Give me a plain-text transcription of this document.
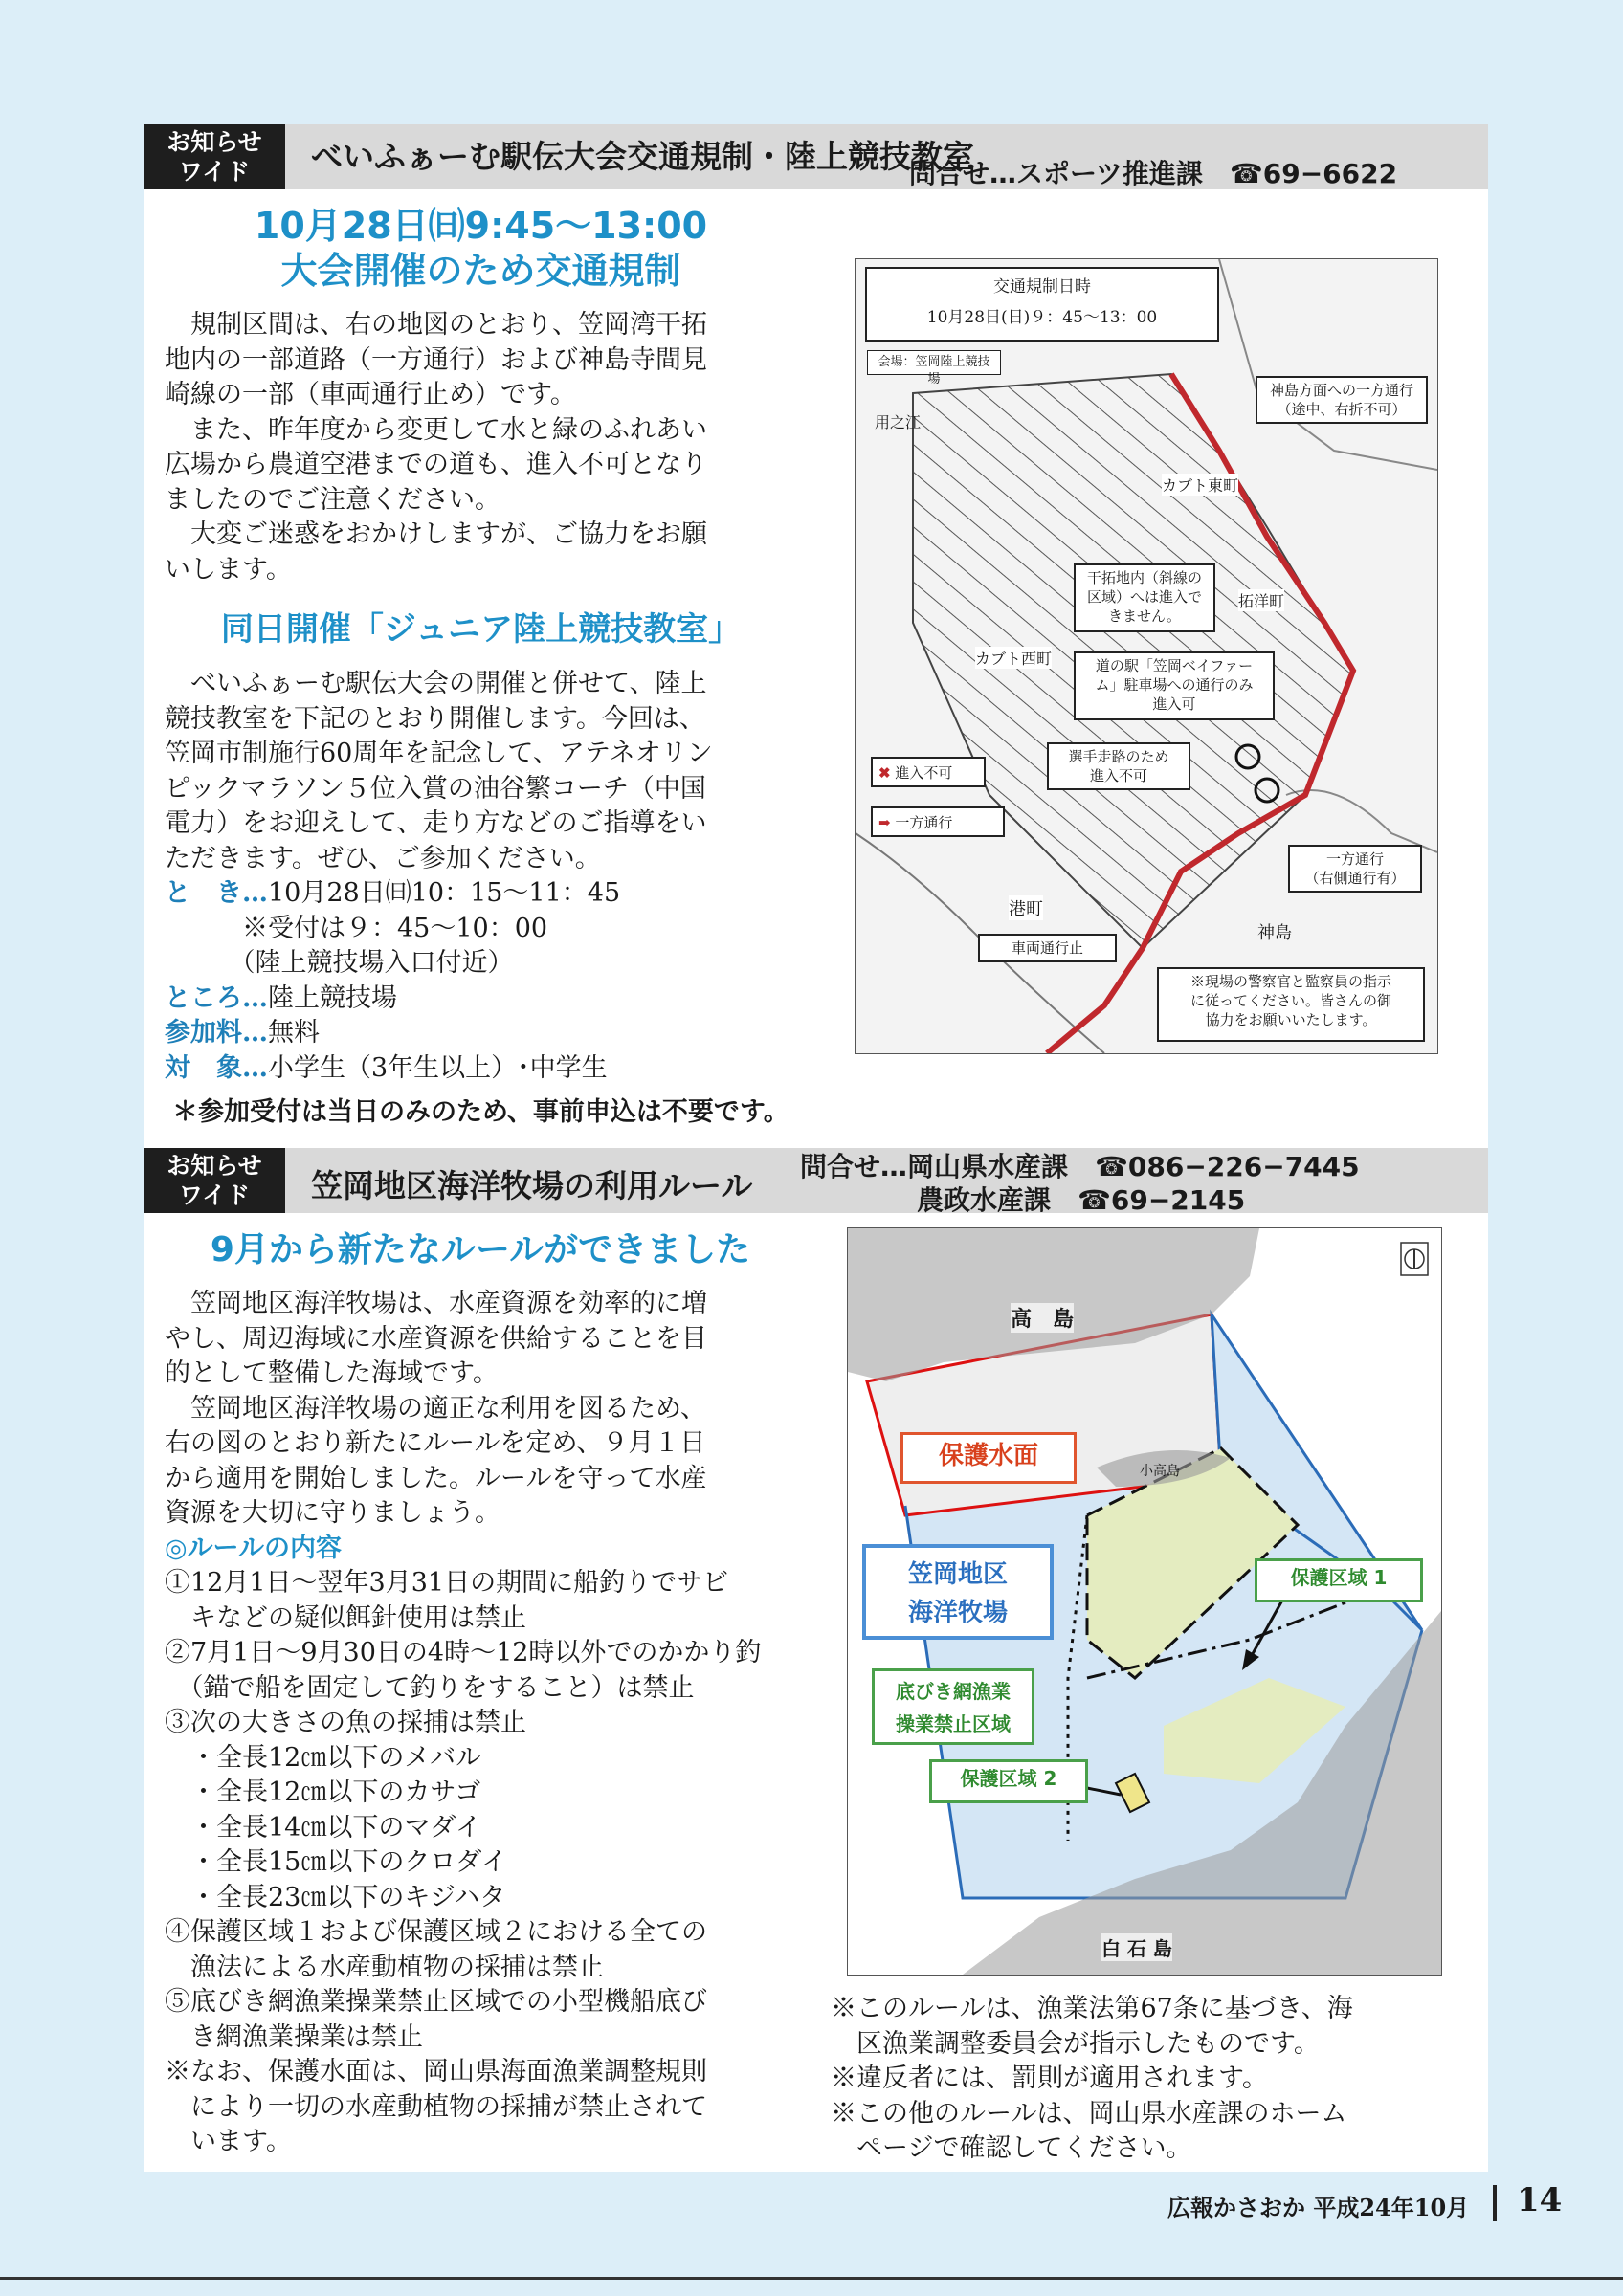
お知らせ
ワイド	べいふぁーむ駅伝大会交通規制・陸上競技教室
問合せ…スポーツ推進課　☎69−6622
10月28日㈰9:45〜13:00
大会開催のため交通規制

　規制区間は、右の地図のとおり、笠岡湾干拓

地内の一部道路（一方通行）および神島寺間見

崎線の一部（車両通行止め）です。

　また、昨年度から変更して水と緑のふれあい

広場から農道空港までの道も、進入不可となり

ましたのでご注意ください。

　大変ご迷惑をおかけしますが、ご協力をお願

いします。

同日開催「ジュニア陸上競技教室」

　べいふぁーむ駅伝大会の開催と併せて、陸上

競技教室を下記のとおり開催します。今回は、

笠岡市制施行60周年を記念して、アテネオリン

ピックマラソン５位入賞の油谷繁コーチ（中国

電力）をお迎えして、走り方などのご指導をい

ただきます。ぜひ、ご参加ください。

と　き…10月28日㈰10：15〜11：45

　　　※受付は９：45〜10：00

　　　（陸上競技場入口付近）

ところ…陸上競技場

参加料…無料

対　象…小学生（3年生以上）･中学生

＊参加受付は当日のみのため、事前申込は不要です。
交通規制日時
10月28日(日)９：45〜13：00
会場：笠岡陸上競技場
神島方面への一方通行
（途中、右折不可）
干拓地内（斜線の
区域）へは進入で
きません。
道の駅「笠岡ベイファー
ム」駐車場への通行のみ
進入可
選手走路のため
進入不可
一方通行
（右側通行有）
車両通行止
※現場の警察官と監察員の指示
に従ってください。皆さんの御
協力をお願いいたします。
✖ 進入不可
➡ 一方通行
用之江
カブト東町
カブト西町
拓洋町
港町
神島
お知らせ
ワイド	笠岡地区海洋牧場の利用ルール
問合せ…岡山県水産課　☎086−226−7445
農政水産課　☎69−2145
9月から新たなルールができました

　笠岡地区海洋牧場は、水産資源を効率的に増

やし、周辺海域に水産資源を供給することを目

的として整備した海域です。

　笠岡地区海洋牧場の適正な利用を図るため、

右の図のとおり新たにルールを定め、９月１日

から適用を開始しました。ルールを守って水産

資源を大切に守りましょう。

◎ルールの内容

①12月1日〜翌年3月31日の期間に船釣りでサビ

　キなどの疑似餌針使用は禁止

②7月1日〜9月30日の4時〜12時以外でのかかり釣

　（錨で船を固定して釣りをすること）は禁止

③次の大きさの魚の採捕は禁止

　・全長12㎝以下のメバル

　・全長12㎝以下のカサゴ

　・全長14㎝以下のマダイ

　・全長15㎝以下のクロダイ

　・全長23㎝以下のキジハタ

④保護区域１および保護区域２における全ての

　漁法による水産動植物の採捕は禁止

⑤底びき網漁業操業禁止区域での小型機船底び

　き網漁業操業は禁止

※なお、保護水面は、岡山県海面漁業調整規則

　により一切の水産動植物の採捕が禁止されて

　います。

高　島
小高島
白 石 島
保護水面
笠岡地区
海洋牧場
保護区域 1
底びき網漁業
操業禁止区域
保護区域 2

※このルールは、漁業法第67条に基づき、海

　区漁業調整委員会が指示したものです。

※違反者には、罰則が適用されます。

※この他のルールは、岡山県水産課のホーム

　ページで確認してください。

広報かさおか 平成24年10月 14
